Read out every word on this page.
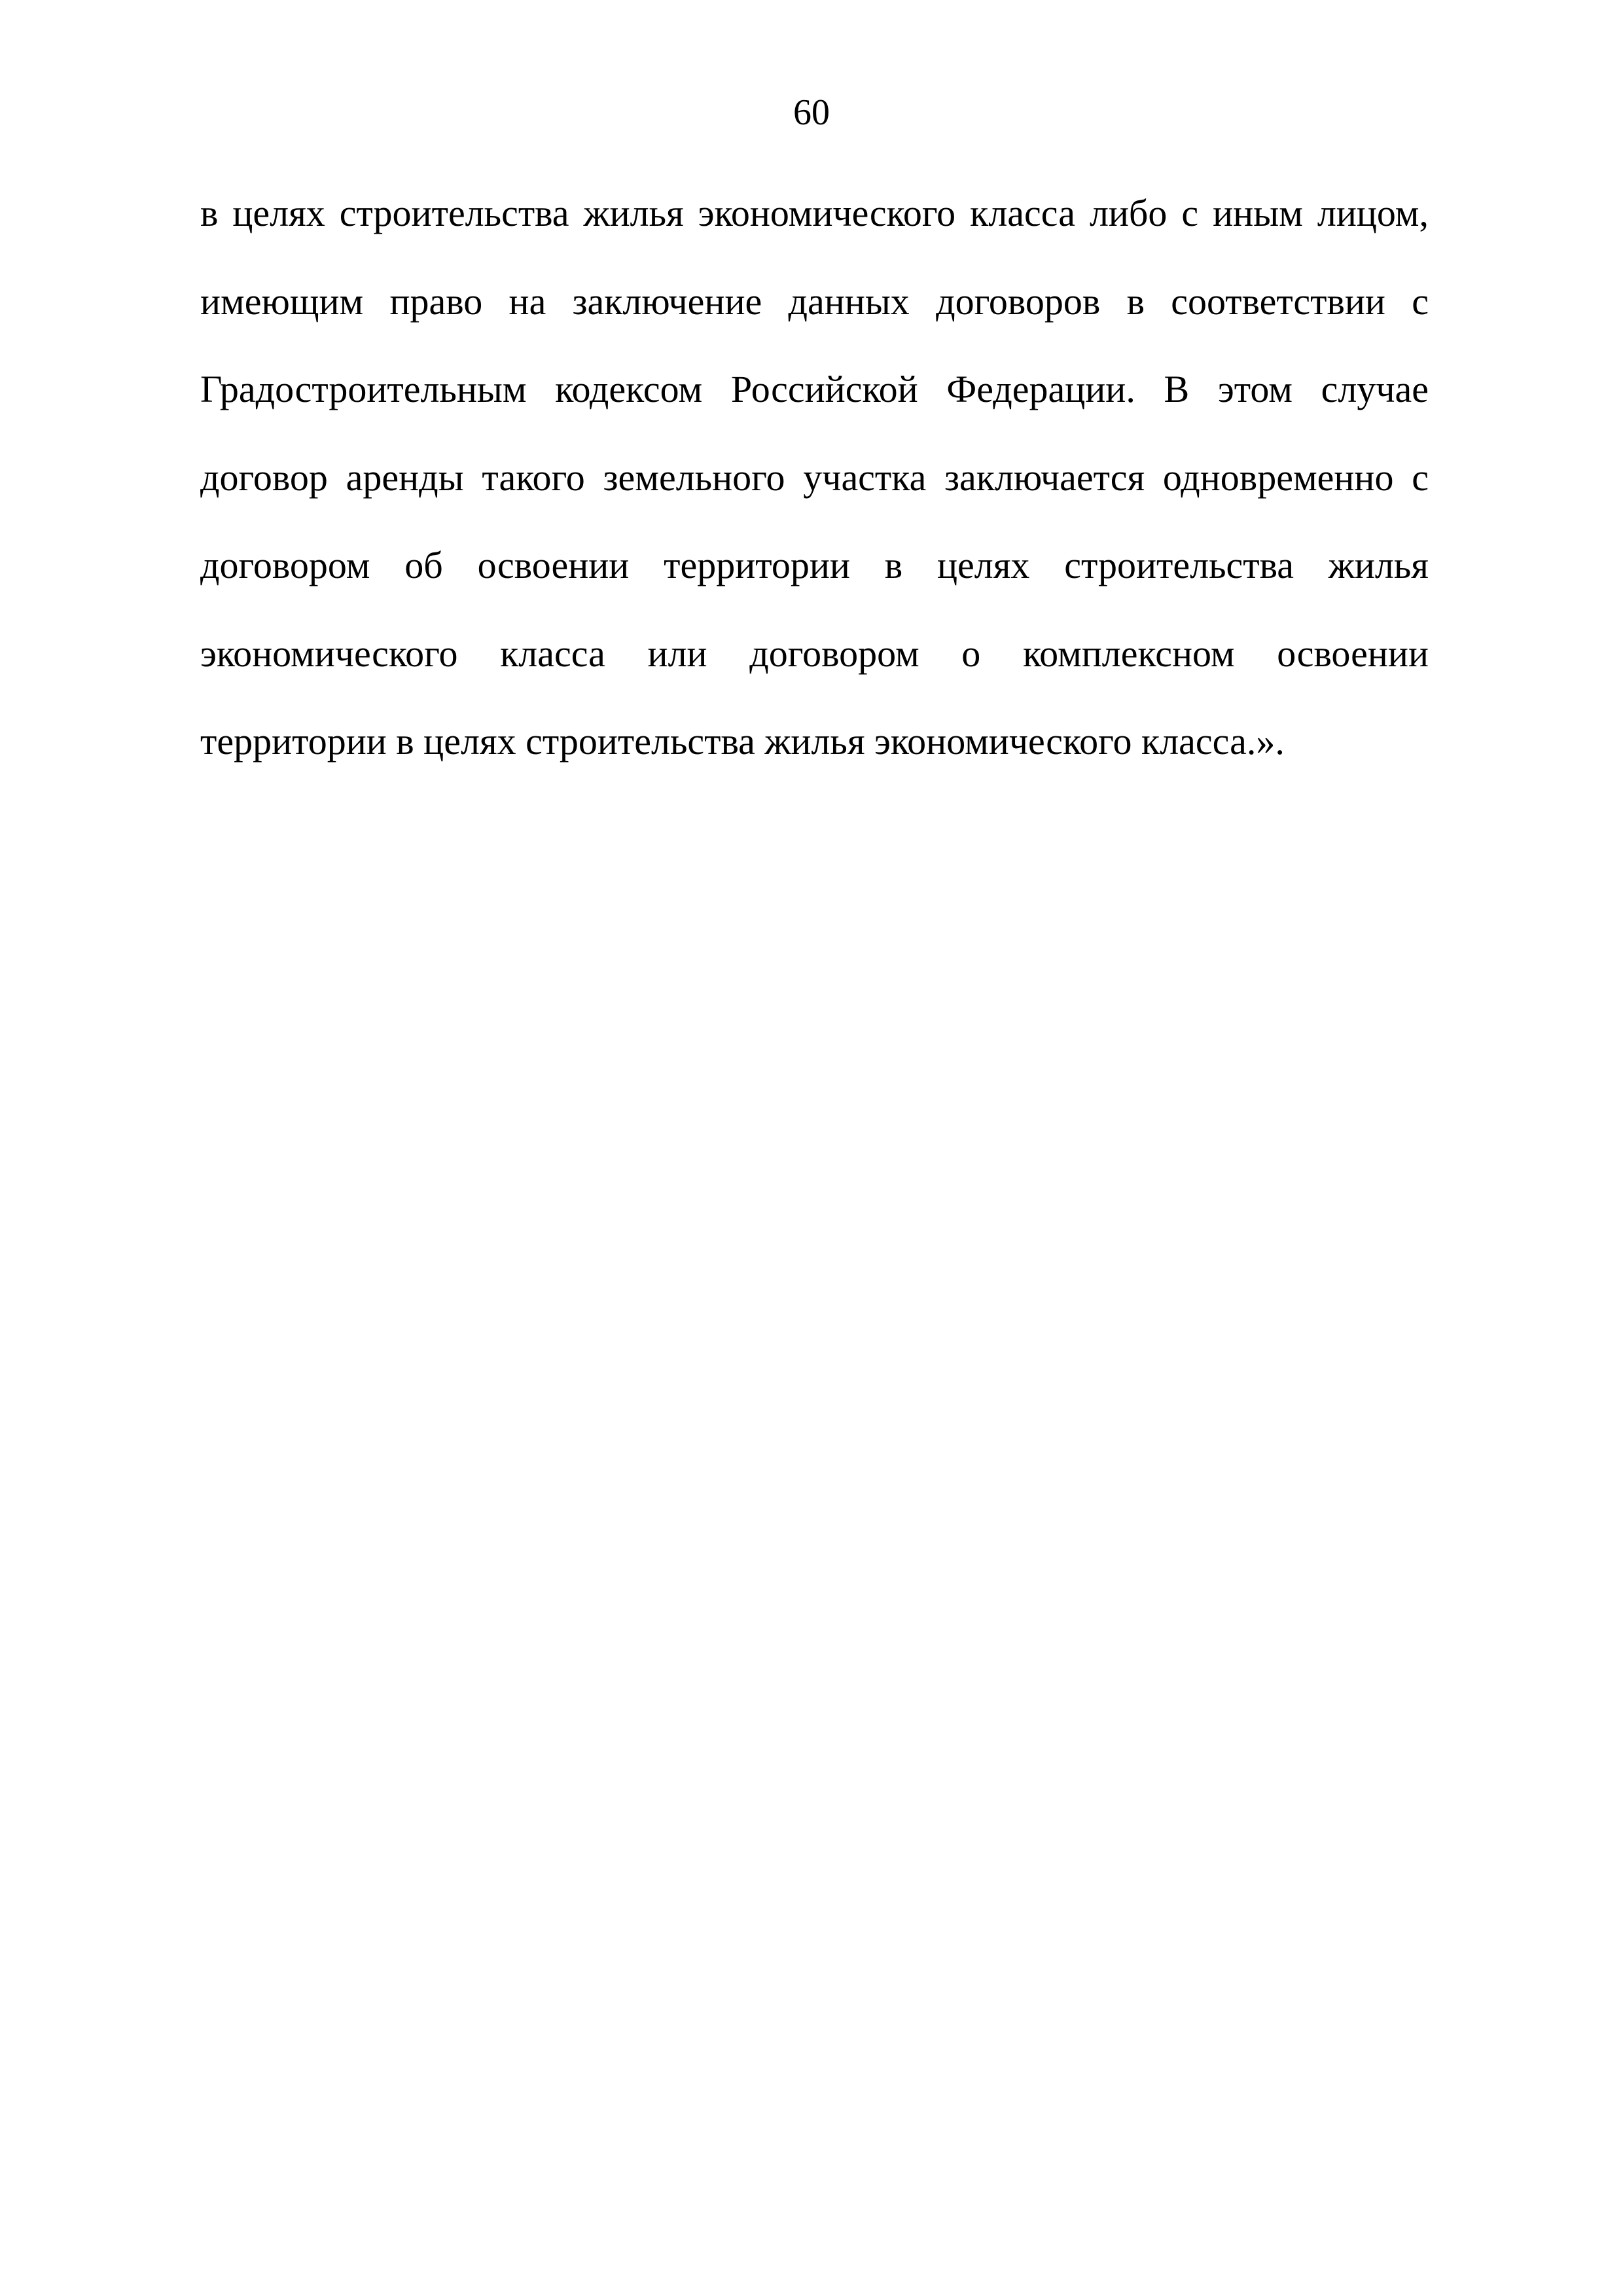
60
в целях строительства жилья экономического класса либо с иным лицом,
имеющим право на заключение данных договоров в соответствии с
Градостроительным кодексом Российской Федерации. В этом случае
договор аренды такого земельного участка заключается одновременно с
договором об освоении территории в целях строительства жилья
экономического класса или договором о комплексном освоении
территории в целях строительства жилья экономического класса.».
